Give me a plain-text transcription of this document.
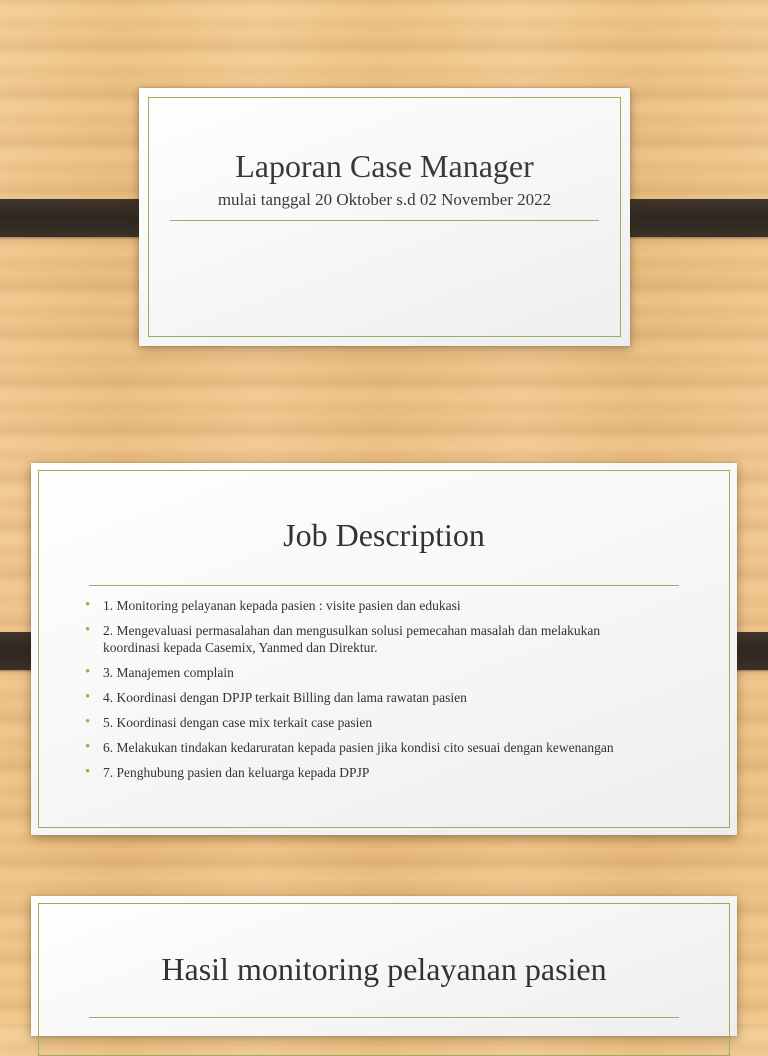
Laporan Case Manager
mulai tanggal 20 Oktober s.d 02 November 2022
Job Description
• 1. Monitoring pelayanan kepada pasien : visite pasien dan edukasi
• 2. Mengevaluasi permasalahan dan mengusulkan solusi pemecahan masalah dan melakukan koordinasi kepada Casemix, Yanmed dan Direktur.
• 3. Manajemen complain
• 4. Koordinasi dengan DPJP terkait Billing dan lama rawatan pasien
• 5. Koordinasi dengan case mix terkait case pasien
• 6. Melakukan tindakan kedaruratan kepada pasien jika kondisi cito sesuai dengan kewenangan
• 7. Penghubung pasien dan keluarga kepada DPJP
Hasil monitoring pelayanan pasien
